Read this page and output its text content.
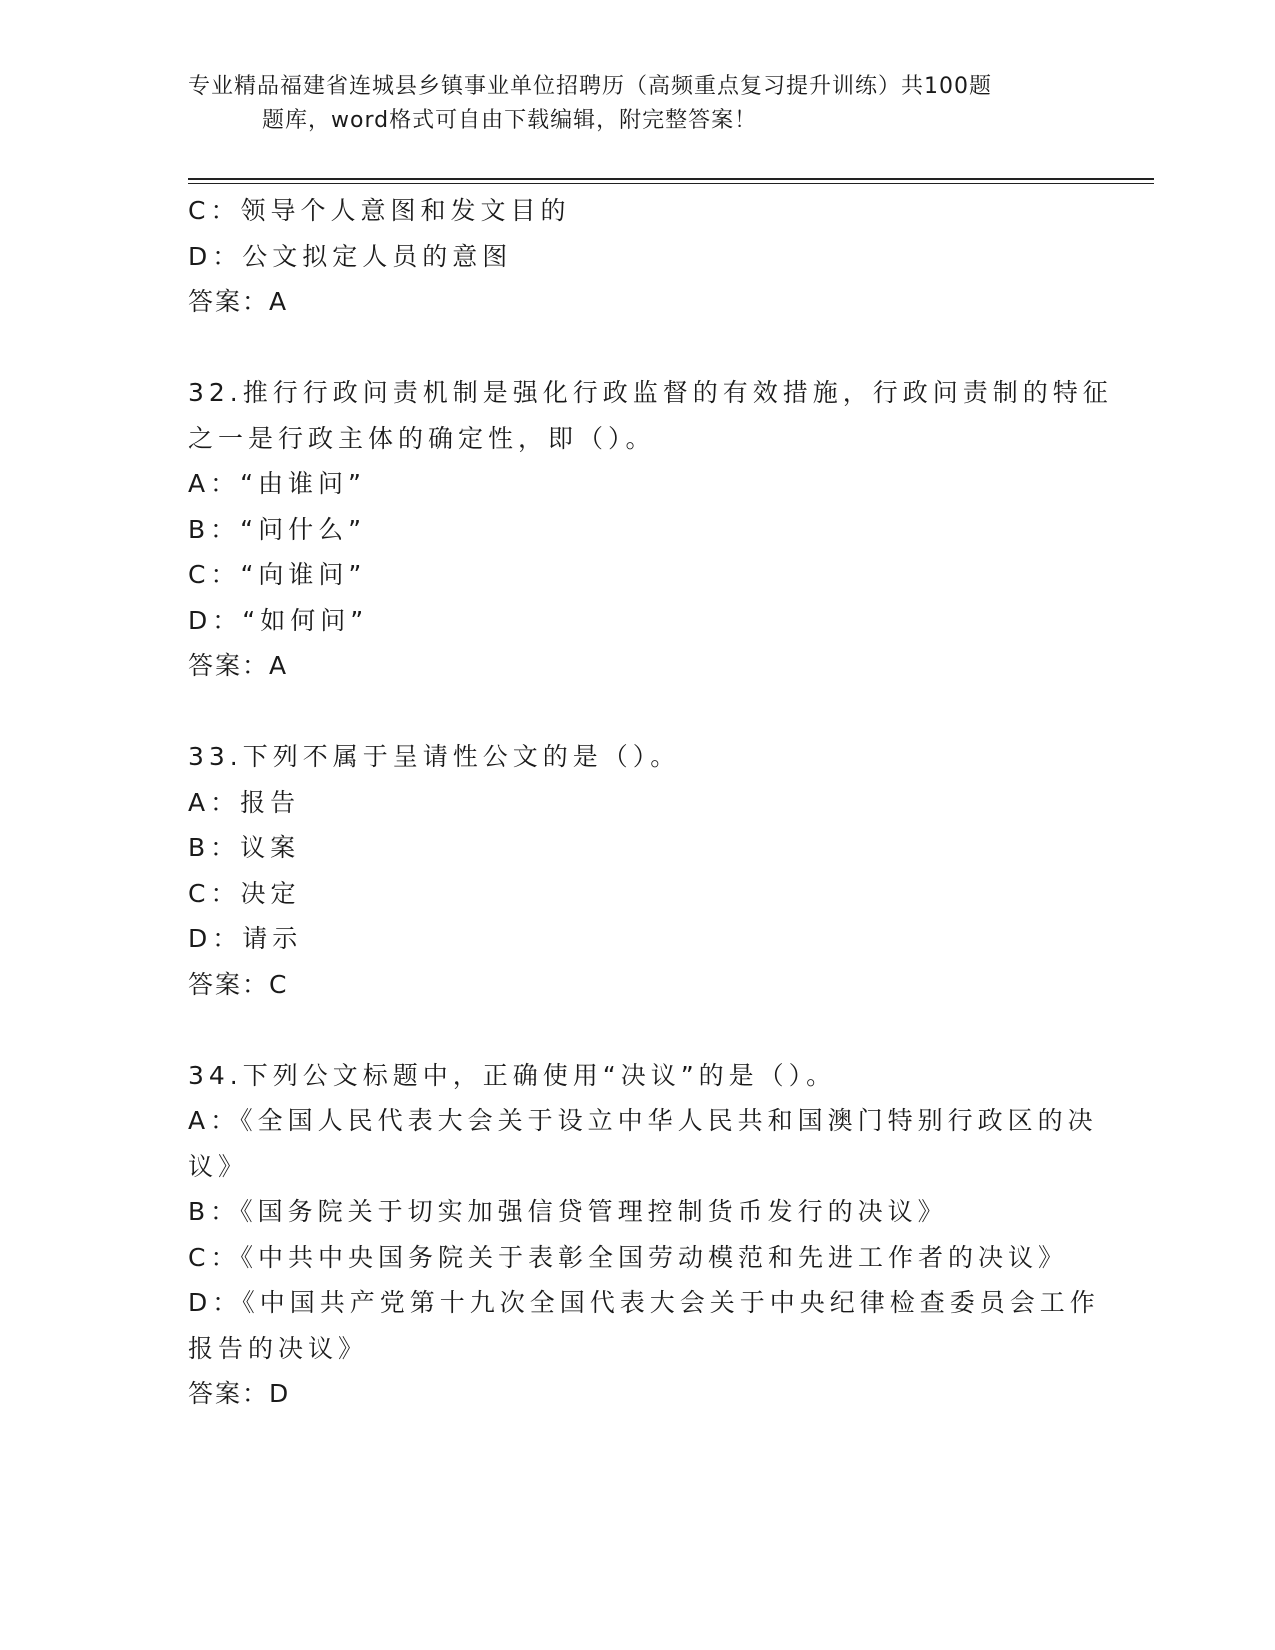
专业精品福建省连城县乡镇事业单位招聘历（高频重点复习提升训练）共100题
题库，word格式可自由下载编辑，附完整答案！
C：领导个人意图和发文目的
D：公文拟定人员的意图
答案：A
32.推行行政问责机制是强化行政监督的有效措施，行政问责制的特征
之一是行政主体的确定性，即（）。
A：“由谁问”
B：“问什么”
C：“向谁问”
D：“如何问”
答案：A
33.下列不属于呈请性公文的是（）。
A：报告
B：议案
C：决定
D：请示
答案：C
34.下列公文标题中，正确使用“决议”的是（）。
A：《全国人民代表大会关于设立中华人民共和国澳门特别行政区的决
议》
B：《国务院关于切实加强信贷管理控制货币发行的决议》
C：《中共中央国务院关于表彰全国劳动模范和先进工作者的决议》
D：《中国共产党第十九次全国代表大会关于中央纪律检查委员会工作
报告的决议》
答案：D
